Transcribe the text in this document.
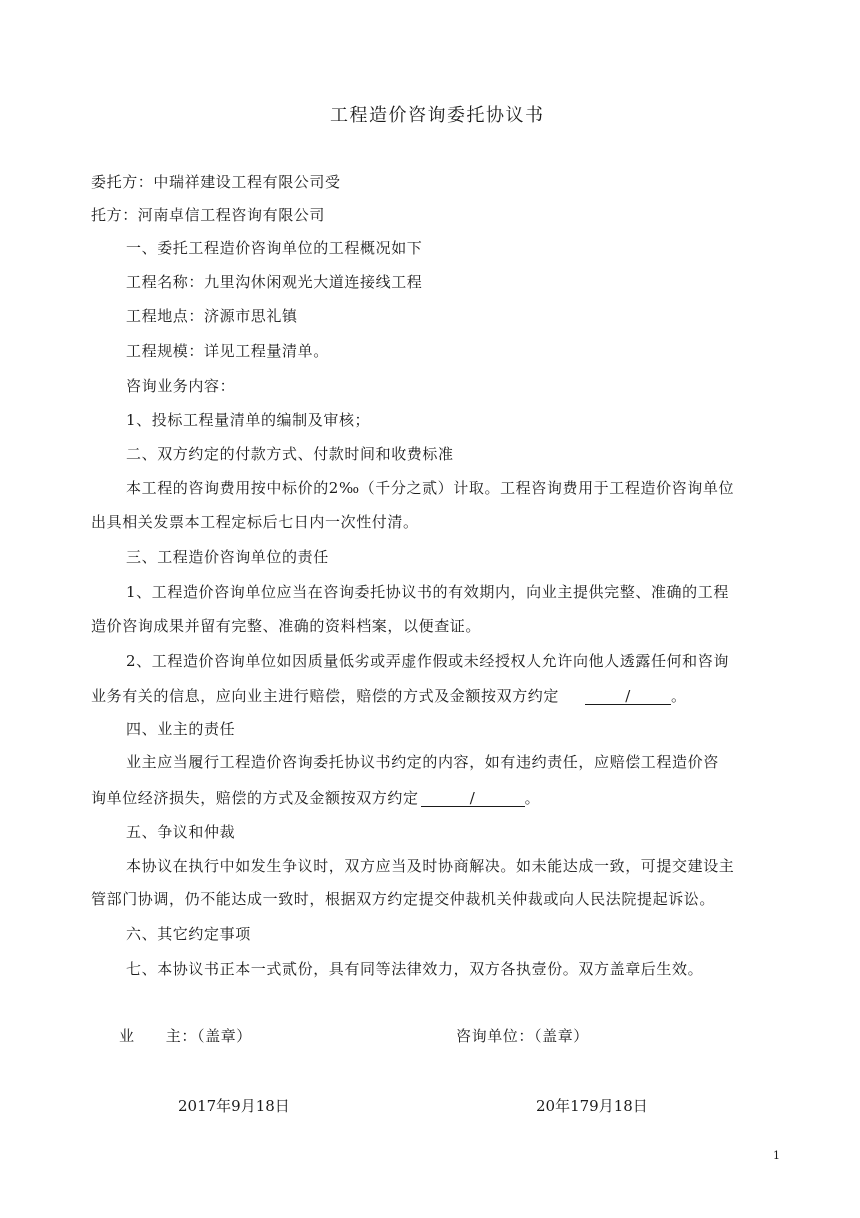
工程造价咨询委托协议书
委托方：中瑞祥建设工程有限公司受
托方：河南卓信工程咨询有限公司
一、委托工程造价咨询单位的工程概况如下
工程名称：九里沟休闲观光大道连接线工程
工程地点：济源市思礼镇
工程规模：详见工程量清单。
咨询业务内容：
1、投标工程量清单的编制及审核；
二、双方约定的付款方式、付款时间和收费标准
本工程的咨询费用按中标价的2‰（千分之贰）计取。工程咨询费用于工程造价咨询单位
出具相关发票本工程定标后七日内一次性付清。
三、工程造价咨询单位的责任
1、工程造价咨询单位应当在咨询委托协议书的有效期内，向业主提供完整、准确的工程
造价咨询成果并留有完整、准确的资料档案，以便查证。
2、工程造价咨询单位如因质量低劣或弄虚作假或未经授权人允许向他人透露任何和咨询
业务有关的信息，应向业主进行赔偿，赔偿的方式及金额按双方约定	/	。
四、业主的责任
业主应当履行工程造价咨询委托协议书约定的内容，如有违约责任，应赔偿工程造价咨
询单位经济损失，赔偿的方式及金额按双方约定	/	。
五、争议和仲裁
本协议在执行中如发生争议时，双方应当及时协商解决。如未能达成一致，可提交建设主
管部门协调，仍不能达成一致时，根据双方约定提交仲裁机关仲裁或向人民法院提起诉讼。
六、其它约定事项
七、本协议书正本一式贰份，具有同等法律效力，双方各执壹份。双方盖章后生效。
业　　主：（盖章）	咨询单位：（盖章）
2017年9月18日	20年179月18日
1
